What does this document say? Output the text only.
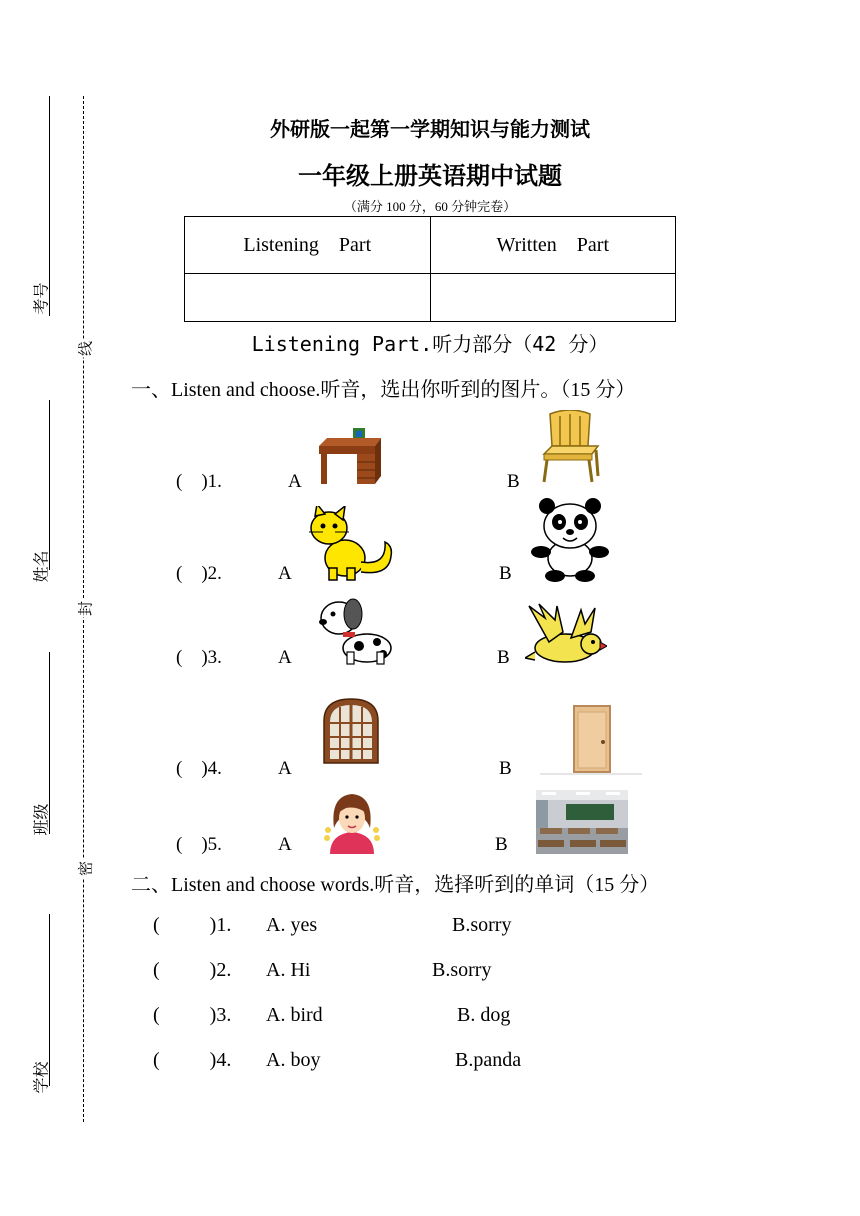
考号
姓名
班级
学校
线
封
密
外研版一起第一学期知识与能力测试
一年级上册英语期中试题
（满分 100 分，60 分钟完卷）
Listening    Part	Written    Part

Listening Part.听力部分（42 分）
一、Listen and choose.听音，选出你听到的图片。（15 分）
(    )1.	A	B
(    )2.	A	B
(    )3.	A	B
(    )4.	A	B
(    )5.	A	B
二、Listen and choose words.听音，选择听到的单词（15 分）
(          )1. A. yes	B.sorry
(          )2. A. Hi	B.sorry
(          )3. A. bird	B. dog
(          )4. A. boy	B.panda
